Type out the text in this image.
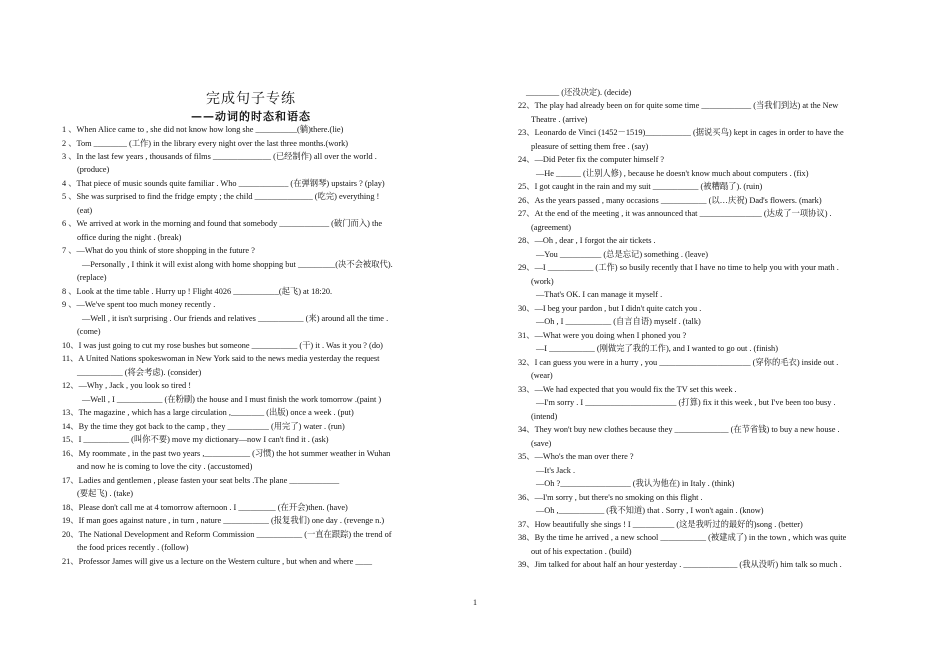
完成句子专练
——动词的时态和语态
1 、When Alice came to , she did not know how long she __________(躺)there.(lie)
2 、Tom ________ (工作) in the library every night over the last three months.(work)
3 、In the last few years , thousands of films ______________ (已经制作) all over the world .
(produce)
4 、That piece of music sounds quite familiar . Who ____________ (在弹钢琴) upstairs ? (play)
5 、She was surprised to find the fridge empty ; the child ______________ (吃完) everything !
(eat)
6 、We arrived at work in the morning and found that somebody ____________ (破门而入) the
office during the night . (break)
7 、—What do you think of store shopping in the future ?
—Personally , I think it will exist along with home shopping but _________(决不会被取代).
(replace)
8 、Look at the time table . Hurry up ! Flight 4026 ___________(起飞) at 18:20.
9 、—We've spent too much money recently .
—Well , it isn't surprising . Our friends and relatives ___________ (来) around all the time .
(come)
10、I was just going to cut my rose bushes but someone ___________ (干) it . Was it you ? (do)
11、A United Nations spokeswoman in New York said to the news media yesterday the request
___________ (将会考虑). (consider)
12、—Why , Jack , you look so tired !
—Well , I ___________ (在粉刷) the house and I must finish the work tomorrow .(paint )
13、The magazine , which has a large circulation ,________ (出版) once a week . (put)
14、By the time they got back to the camp , they __________ (用完了) water . (run)
15、I ___________ (叫你不要) move my dictionary—now I can't find it . (ask)
16、My roommate , in the past two years ,___________ (习惯) the hot summer weather in Wuhan
and now he is coming to love the city . (accustomed)
17、Ladies and gentlemen , please fasten your seat belts .The plane ____________
(要起飞) . (take)
18、Please don't call me at 4 tomorrow afternoon . I _________ (在开会)then. (have)
19、If man goes against nature , in turn , nature ___________ (报复我们) one day . (revenge n.)
20、The National Development and Reform Commission ___________ (一直在跟踪) the trend of
the food prices recently . (follow)
21、Professor James will give us a lecture on the Western culture , but when and where ____
________ (还没决定). (decide)
22、The play had already been on for quite some time ____________ (当我们到达) at the New
Theatre . (arrive)
23、Leonardo de Vinci (1452－1519)___________ (据说买鸟) kept in cages in order to have the
pleasure of setting them free . (say)
24、—Did Peter fix the computer himself ?
—He ______ (让别人修) , because he doesn't know much about computers . (fix)
25、I got caught in the rain and my suit ___________ (被糟蹋了). (ruin)
26、As the years passed , many occasions ___________ (以…庆祝) Dad's flowers. (mark)
27、At the end of the meeting , it was announced that _______________ (达成了一项协议) .
(agreement)
28、—Oh , dear , I forgot the air tickets .
—You __________ (总是忘记) something . (leave)
29、—I ___________ (工作) so busily recently that I have no time to help you with your math .
(work)
—That's OK. I can manage it myself .
30、—I beg your pardon , but I didn't quite catch you .
—Oh , I ___________ (自言自语) myself . (talk)
31、—What were you doing when I phoned you ?
—I ___________ (刚做完了我的工作), and I wanted to go out . (finish)
32、I can guess you were in a hurry , you ______________________ (穿你的毛衣) inside out .
(wear)
33、—We had expected that you would fix the TV set this week .
—I'm sorry . I ______________________ (打算) fix it this week , but I've been too busy .
(intend)
34、They won't buy new clothes because they _____________ (在节省钱) to buy a new house .
(save)
35、—Who's the man over there ?
—It's Jack .
—Oh ?_________________ (我认为他在) in Italy . (think)
36、—I'm sorry , but there's no smoking on this flight .
—Oh ,___________ (我不知道) that . Sorry , I won't again . (know)
37、How beautifully she sings ! I __________ (这是我听过的最好的)song . (better)
38、By the time he arrived , a new school ___________ (被建成了) in the town , which was quite
out of his expectation . (build)
39、Jim talked for about half an hour yesterday . _____________ (我从没听) him talk so much .
1
